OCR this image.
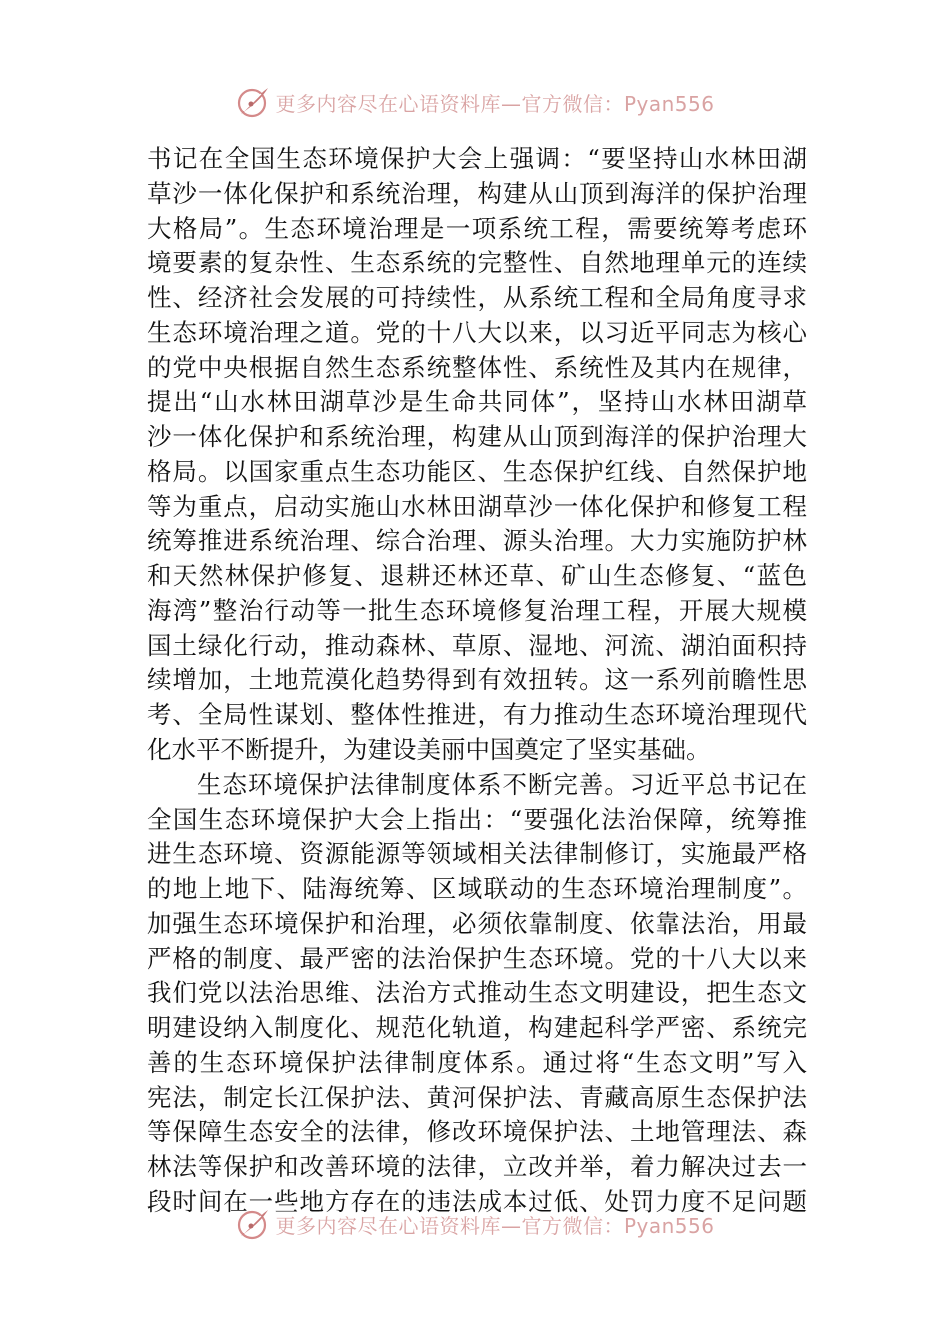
更多内容尽在心语资料库—官方微信：Pyan556
书记在全国生态环境保护大会上强调：“要坚持山水林田湖
草沙一体化保护和系统治理，构建从山顶到海洋的保护治理
大格局”。生态环境治理是一项系统工程，需要统筹考虑环
境要素的复杂性、生态系统的完整性、自然地理单元的连续
性、经济社会发展的可持续性，从系统工程和全局角度寻求
生态环境治理之道。党的十八大以来，以习近平同志为核心
的党中央根据自然生态系统整体性、系统性及其内在规律，
提出“山水林田湖草沙是生命共同体”，坚持山水林田湖草
沙一体化保护和系统治理，构建从山顶到海洋的保护治理大
格局。以国家重点生态功能区、生态保护红线、自然保护地
等为重点，启动实施山水林田湖草沙一体化保护和修复工程
统筹推进系统治理、综合治理、源头治理。大力实施防护林
和天然林保护修复、退耕还林还草、矿山生态修复、“蓝色
海湾”整治行动等一批生态环境修复治理工程，开展大规模
国土绿化行动，推动森林、草原、湿地、河流、湖泊面积持
续增加，土地荒漠化趋势得到有效扭转。这一系列前瞻性思
考、全局性谋划、整体性推进，有力推动生态环境治理现代
化水平不断提升，为建设美丽中国奠定了坚实基础。
生态环境保护法律制度体系不断完善。习近平总书记在
全国生态环境保护大会上指出：“要强化法治保障，统筹推
进生态环境、资源能源等领域相关法律制修订，实施最严格
的地上地下、陆海统筹、区域联动的生态环境治理制度”。
加强生态环境保护和治理，必须依靠制度、依靠法治，用最
严格的制度、最严密的法治保护生态环境。党的十八大以来
我们党以法治思维、法治方式推动生态文明建设，把生态文
明建设纳入制度化、规范化轨道，构建起科学严密、系统完
善的生态环境保护法律制度体系。通过将“生态文明”写入
宪法，制定长江保护法、黄河保护法、青藏高原生态保护法
等保障生态安全的法律，修改环境保护法、土地管理法、森
林法等保护和改善环境的法律，立改并举，着力解决过去一
段时间在一些地方存在的违法成本过低、处罚力度不足问题
更多内容尽在心语资料库—官方微信：Pyan556
